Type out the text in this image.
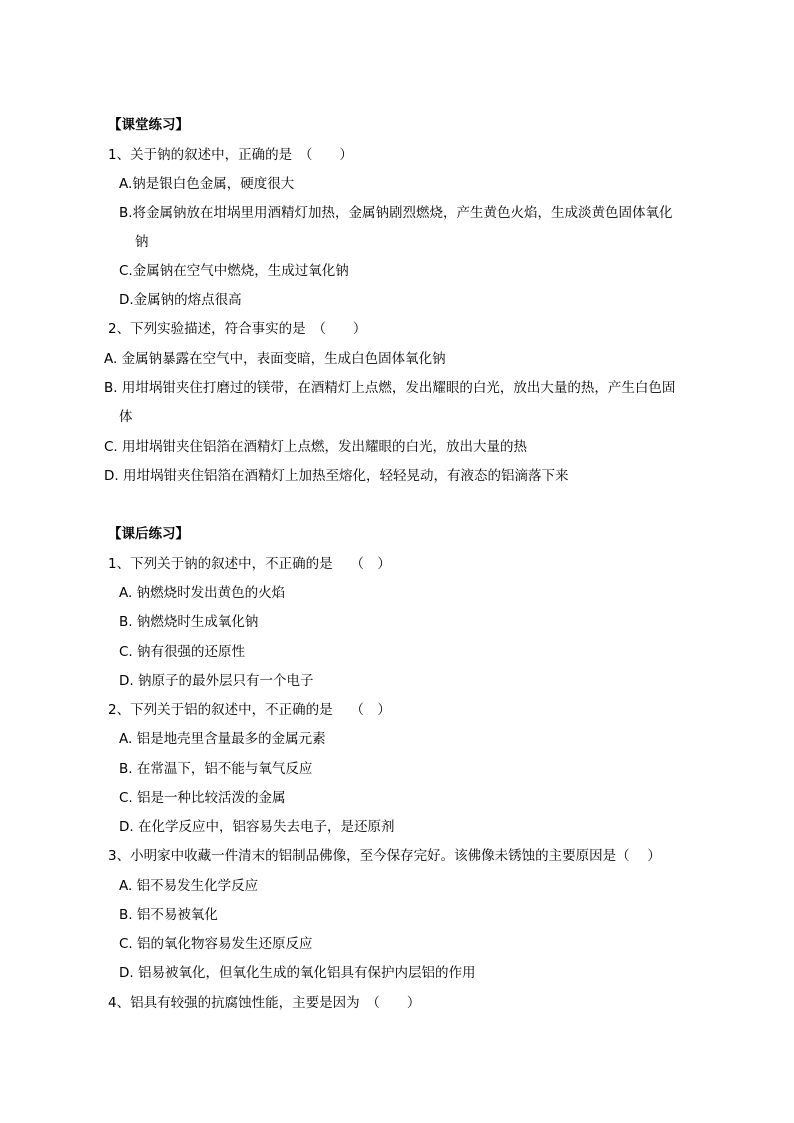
【课堂练习】
1、关于钠的叙述中，正确的是　（　　）
A.钠是银白色金属，硬度很大
B.将金属钠放在坩埚里用酒精灯加热，金属钠剧烈燃烧，产生黄色火焰，生成淡黄色固体氧化
钠
C.金属钠在空气中燃烧，生成过氧化钠
D.金属钠的熔点很高
2、下列实验描述，符合事实的是　（　　）
A. 金属钠暴露在空气中，表面变暗，生成白色固体氧化钠
B. 用坩埚钳夹住打磨过的镁带，在酒精灯上点燃，发出耀眼的白光，放出大量的热，产生白色固
体
C. 用坩埚钳夹住铝箔在酒精灯上点燃，发出耀眼的白光，放出大量的热
D. 用坩埚钳夹住铝箔在酒精灯上加热至熔化，轻轻晃动，有液态的铝滴落下来
【课后练习】
1、下列关于钠的叙述中，不正确的是　 （　）
A. 钠燃烧时发出黄色的火焰
B. 钠燃烧时生成氧化钠
C. 钠有很强的还原性
D. 钠原子的最外层只有一个电子
2、下列关于铝的叙述中，不正确的是　 （　）
A. 铝是地壳里含量最多的金属元素
B. 在常温下，铝不能与氧气反应
C. 铝是一种比较活泼的金属
D. 在化学反应中，铝容易失去电子，是还原剂
3、小明家中收藏一件清末的铝制品佛像，至今保存完好。该佛像未锈蚀的主要原因是（　 ）
A. 铝不易发生化学反应
B. 铝不易被氧化
C. 铝的氧化物容易发生还原反应
D. 铝易被氧化，但氧化生成的氧化铝具有保护内层铝的作用
4、铝具有较强的抗腐蚀性能，主要是因为　（　　）
